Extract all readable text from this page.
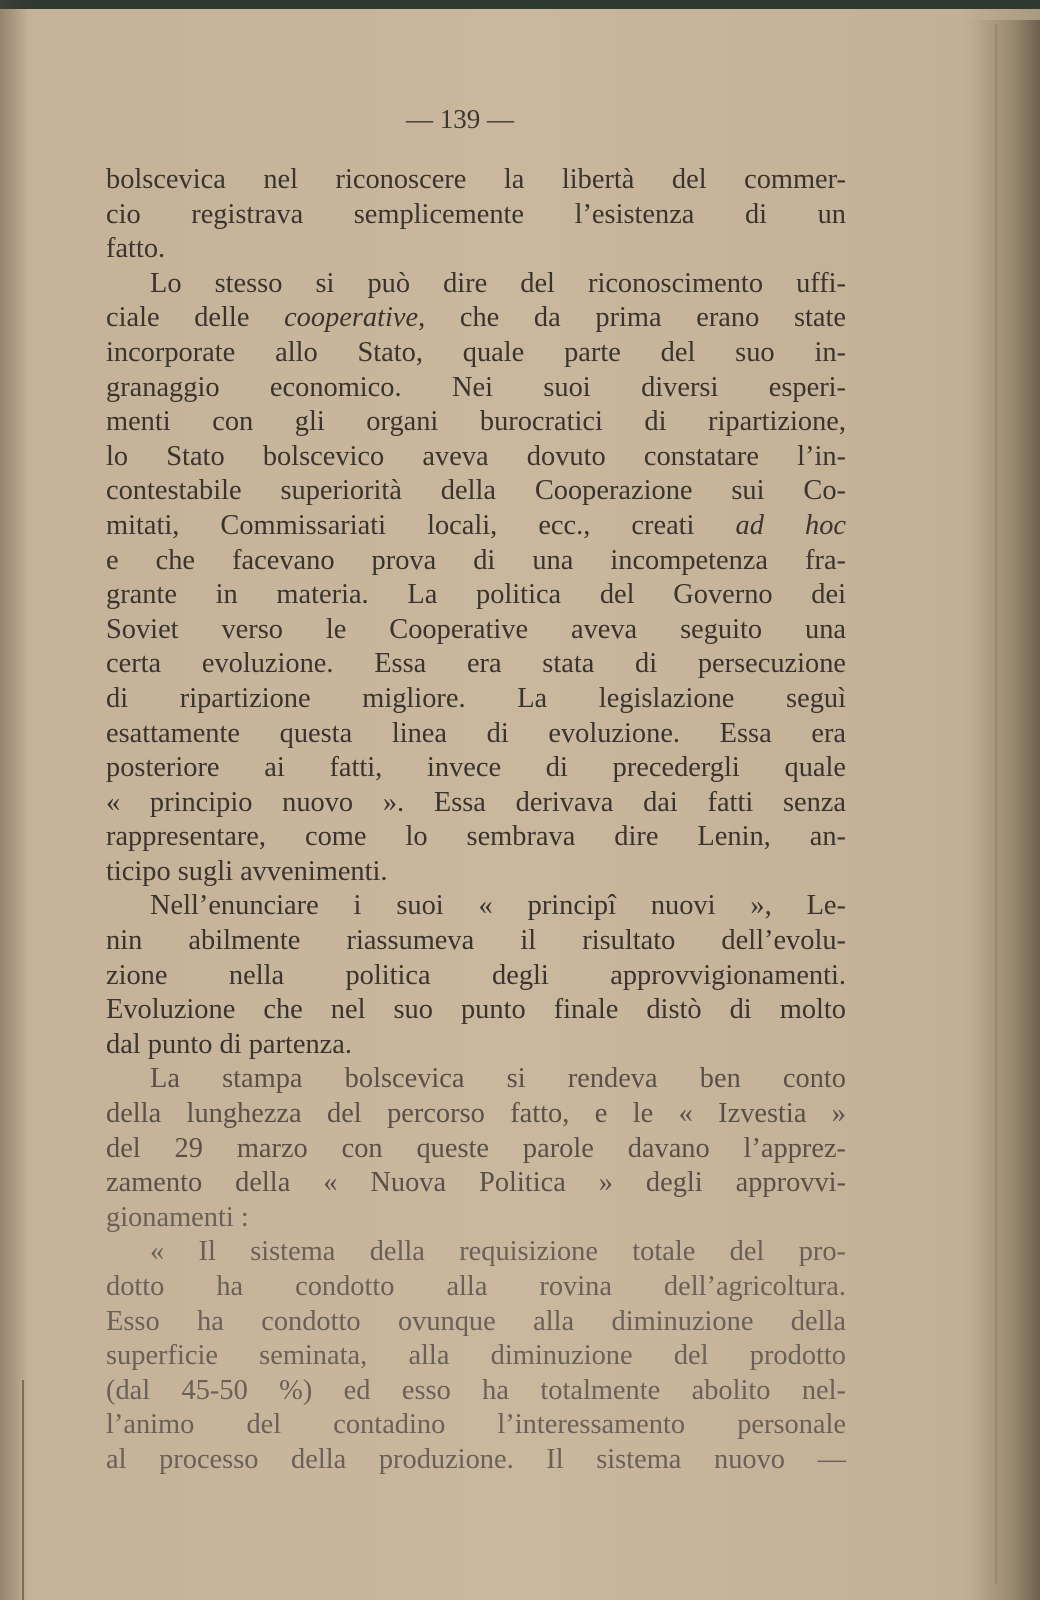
— 139 —
bolscevica nel riconoscere la libertà del commer-
cio registrava semplicemente l’esistenza di un
fatto.
Lo stesso si può dire del riconoscimento uffi-
ciale delle cooperative, che da prima erano state
incorporate allo Stato, quale parte del suo in-
granaggio economico. Nei suoi diversi esperi-
menti con gli organi burocratici di ripartizione,
lo Stato bolscevico aveva dovuto constatare l’in-
contestabile superiorità della Cooperazione sui Co-
mitati, Commissariati locali, ecc., creati ad hoc
e che facevano prova di una incompetenza fra-
grante in materia. La politica del Governo dei
Soviet verso le Cooperative aveva seguito una
certa evoluzione. Essa era stata di persecuzione
di ripartizione migliore. La legislazione seguì
esattamente questa linea di evoluzione. Essa era
posteriore ai fatti, invece di precedergli quale
« principio nuovo ». Essa derivava dai fatti senza
rappresentare, come lo sembrava dire Lenin, an-
ticipo sugli avvenimenti.
Nell’enunciare i suoi « principî nuovi », Le-
nin abilmente riassumeva il risultato dell’evolu-
zione nella politica degli approvvigionamenti.
Evoluzione che nel suo punto finale distò di molto
dal punto di partenza.
La stampa bolscevica si rendeva ben conto
della lunghezza del percorso fatto, e le « Izvestia »
del 29 marzo con queste parole davano l’apprez-
zamento della « Nuova Politica » degli approvvi-
gionamenti :
« Il sistema della requisizione totale del pro-
dotto ha condotto alla rovina dell’agricoltura.
Esso ha condotto ovunque alla diminuzione della
superficie seminata, alla diminuzione del prodotto
(dal 45-50 %) ed esso ha totalmente abolito nel-
l’animo del contadino l’interessamento personale
al processo della produzione. Il sistema nuovo —
